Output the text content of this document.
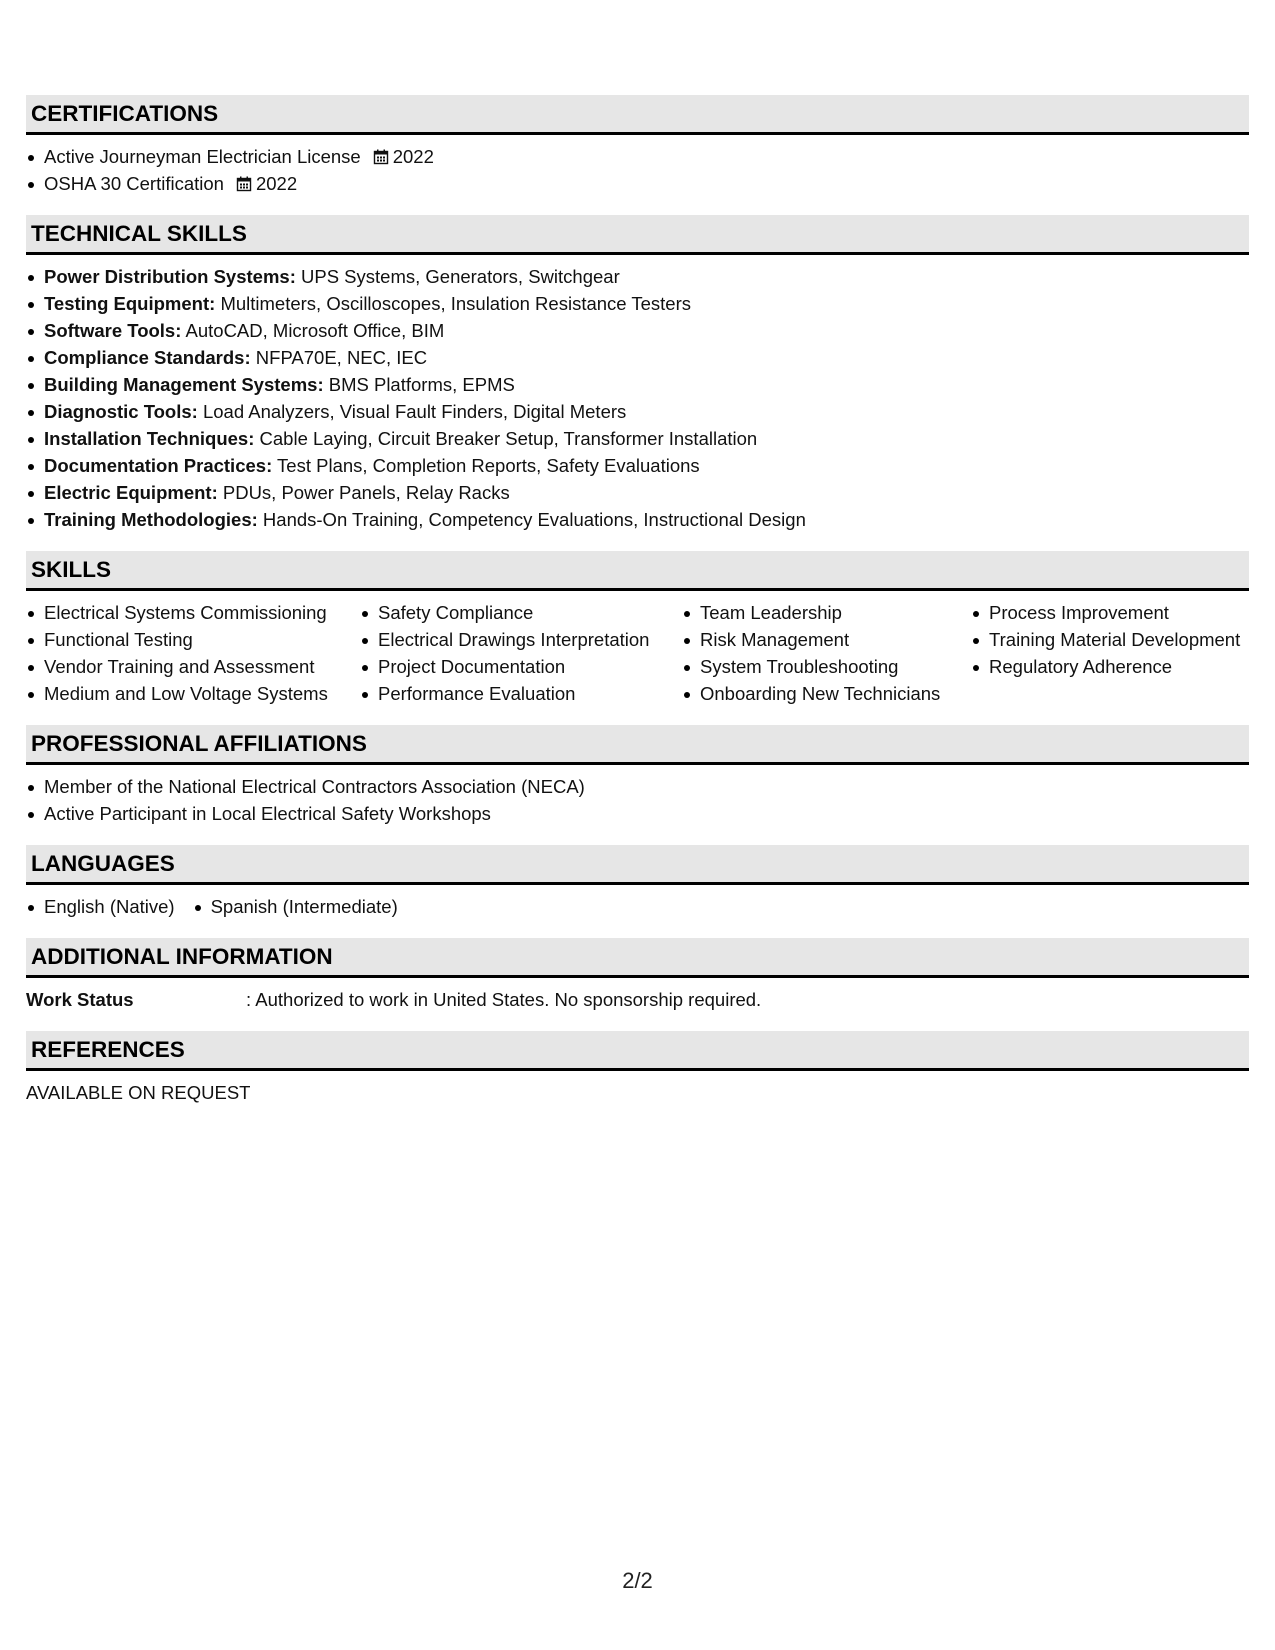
CERTIFICATIONS
Active Journeyman Electrician License 2022
OSHA 30 Certification 2022
TECHNICAL SKILLS
Power Distribution Systems: UPS Systems, Generators, Switchgear
Testing Equipment: Multimeters, Oscilloscopes, Insulation Resistance Testers
Software Tools: AutoCAD, Microsoft Office, BIM
Compliance Standards: NFPA70E, NEC, IEC
Building Management Systems: BMS Platforms, EPMS
Diagnostic Tools: Load Analyzers, Visual Fault Finders, Digital Meters
Installation Techniques: Cable Laying, Circuit Breaker Setup, Transformer Installation
Documentation Practices: Test Plans, Completion Reports, Safety Evaluations
Electric Equipment: PDUs, Power Panels, Relay Racks
Training Methodologies: Hands-On Training, Competency Evaluations, Instructional Design
SKILLS
Electrical Systems Commissioning
Functional Testing
Vendor Training and Assessment
Medium and Low Voltage Systems
Safety Compliance
Electrical Drawings Interpretation
Project Documentation
Performance Evaluation
Team Leadership
Risk Management
System Troubleshooting
Onboarding New Technicians
Process Improvement
Training Material Development
Regulatory Adherence
PROFESSIONAL AFFILIATIONS
Member of the National Electrical Contractors Association (NECA)
Active Participant in Local Electrical Safety Workshops
LANGUAGES
English (Native)	Spanish (Intermediate)
ADDITIONAL INFORMATION
Work Status	: Authorized to work in United States. No sponsorship required.
REFERENCES
AVAILABLE ON REQUEST
2/2
